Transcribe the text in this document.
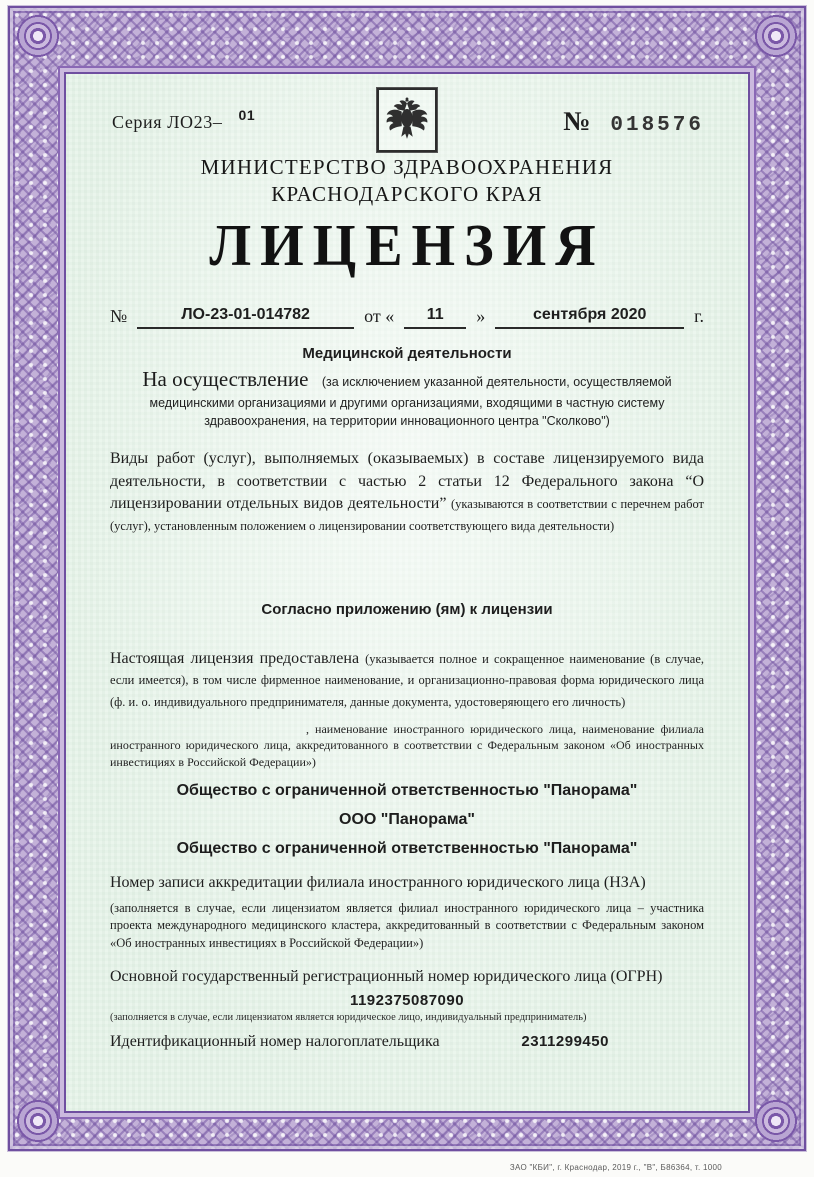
Серия ЛО23– $^{01}$	№ 018576
МИНИСТЕРСТВО ЗДРАВООХРАНЕНИЯ
КРАСНОДАРСКОГО КРАЯ
ЛИЦЕНЗИЯ
№	ЛО-23-01-014782	от «	11	»	сентября 2020	г.
Медицинской деятельности

На осуществление (за исключением указанной деятельности, осуществляемой медицинскими организациями и другими организациями, входящими в частную систему здравоохранения, на территории инновационного центра "Сколково")

Виды работ (услуг), выполняемых (оказываемых) в составе лицензируемого вида деятельности, в соответствии с частью 2 статьи 12 Федерального закона “О лицензировании отдельных видов деятельности” (указываются в соответствии с перечнем работ (услуг), установленным положением о лицензировании соответствующего вида деятельности)

Согласно приложению (ям) к лицензии

Настоящая лицензия предоставлена (указывается полное и сокращенное наименование (в случае, если имеется), в том числе фирменное наименование, и организационно-правовая форма юридического лица (ф. и. о. индивидуального предпринимателя, данные документа, удостоверяющего его личность)

, наименование иностранного юридического лица, наименование филиала иностранного юридического лица, аккредитованного в соответствии с Федеральным законом «Об иностранных инвестициях в Российской Федерации»)

Общество с ограниченной ответственностью "Панорама"
ООО "Панорама"
Общество с ограниченной ответственностью "Панорама"

Номер записи аккредитации филиала иностранного юридического лица (НЗА)

(заполняется в случае, если лицензиатом является филиал иностранного юридического лица – участника проекта международного медицинского кластера, аккредитованный в соответствии с Федеральным законом «Об иностранных инвестициях в Российской Федерации»)

Основной государственный регистрационный номер юридического лица (ОГРН)

1192375087090

(заполняется в случае, если лицензиатом является юридическое лицо, индивидуальный предприниматель)

Идентификационный номер налогоплательщика	2311299450
ЗАО "КБИ", г. Краснодар, 2019 г., "В", Б86364, т. 1000
